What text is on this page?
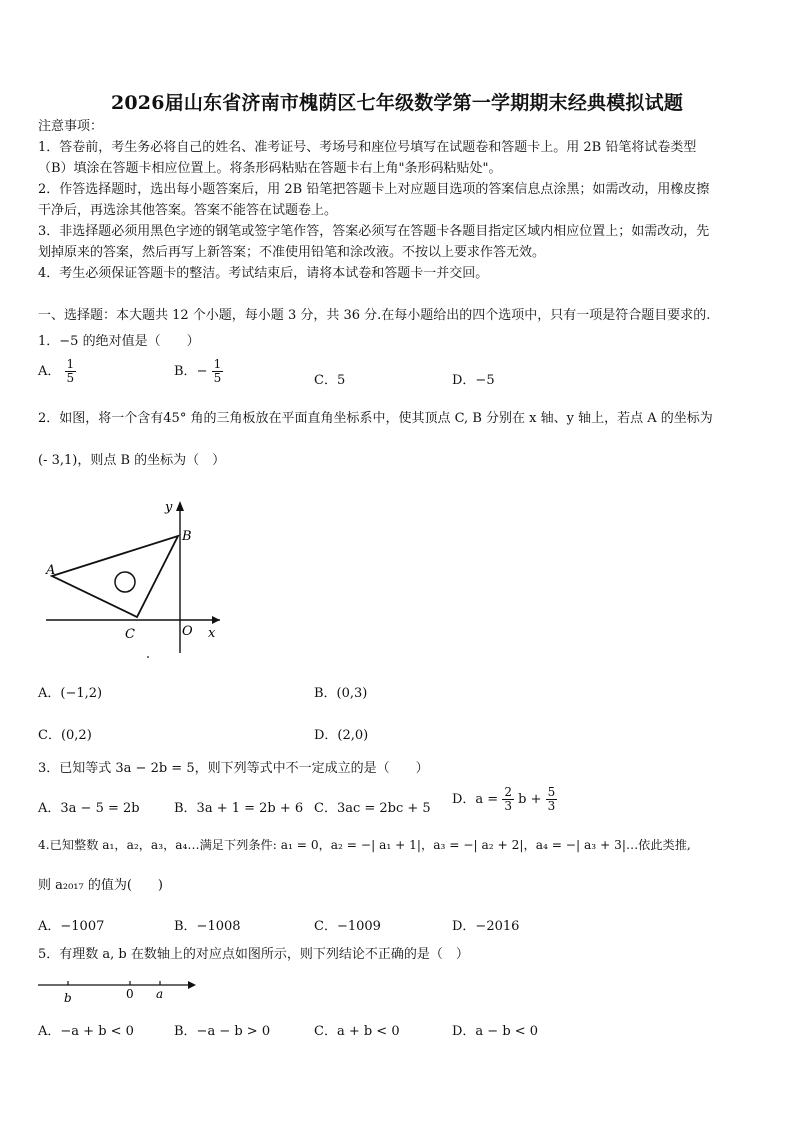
2026届山东省济南市槐荫区七年级数学第一学期期末经典模拟试题
注意事项：
1．答卷前，考生务必将自己的姓名、准考证号、考场号和座位号填写在试题卷和答题卡上。用 2B 铅笔将试卷类型
（B）填涂在答题卡相应位置上。将条形码粘贴在答题卡右上角"条形码粘贴处"。
2．作答选择题时，选出每小题答案后，用 2B 铅笔把答题卡上对应题目选项的答案信息点涂黑；如需改动，用橡皮擦
干净后，再选涂其他答案。答案不能答在试题卷上。
3．非选择题必须用黑色字迹的钢笔或签字笔作答，答案必须写在答题卡各题目指定区域内相应位置上；如需改动，先
划掉原来的答案，然后再写上新答案；不准使用铅笔和涂改液。不按以上要求作答无效。
4．考生必须保证答题卡的整洁。考试结束后，请将本试卷和答题卡一并交回。
一、选择题：本大题共 12 个小题，每小题 3 分，共 36 分.在每小题给出的四个选项中，只有一项是符合题目要求的.
1．−5 的绝对值是（　　）
A． $\frac{1}{5}$	B．− $\frac{1}{5}$	C．5	D．−5
2．如图，将一个含有45° 角的三角板放在平面直角坐标系中，使其顶点 C, B 分别在 x 轴、y 轴上，若点 A 的坐标为
(- 3,1)，则点 B 的坐标为（　）
y
x
O
A
B
C
A．(−1,2)	B．(0,3)
C．(0,2)	D．(2,0)
3．已知等式 3a − 2b = 5，则下列等式中不一定成立的是（　　）
A．3a − 5 = 2b	B．3a + 1 = 2b + 6 C．3ac = 2bc + 5
D．$a = \frac{2}{3}$ $b + \frac{5}{3}$
4.已知整数 a₁，a₂，a₃，a₄…满足下列条件: a₁ = 0，a₂ = −| a₁ + 1|，a₃ = −| a₂ + 2|，a₄ = −| a₃ + 3|…依此类推,
则 a₂₀₁₇ 的值为(　　)
A．−1007	B．−1008	C．−1009	D．−2016
5．有理数 a, b 在数轴上的对应点如图所示，则下列结论不正确的是（　）
b	0 a
A．−a + b < 0	B．−a − b > 0	C．a + b < 0	D．a − b < 0
